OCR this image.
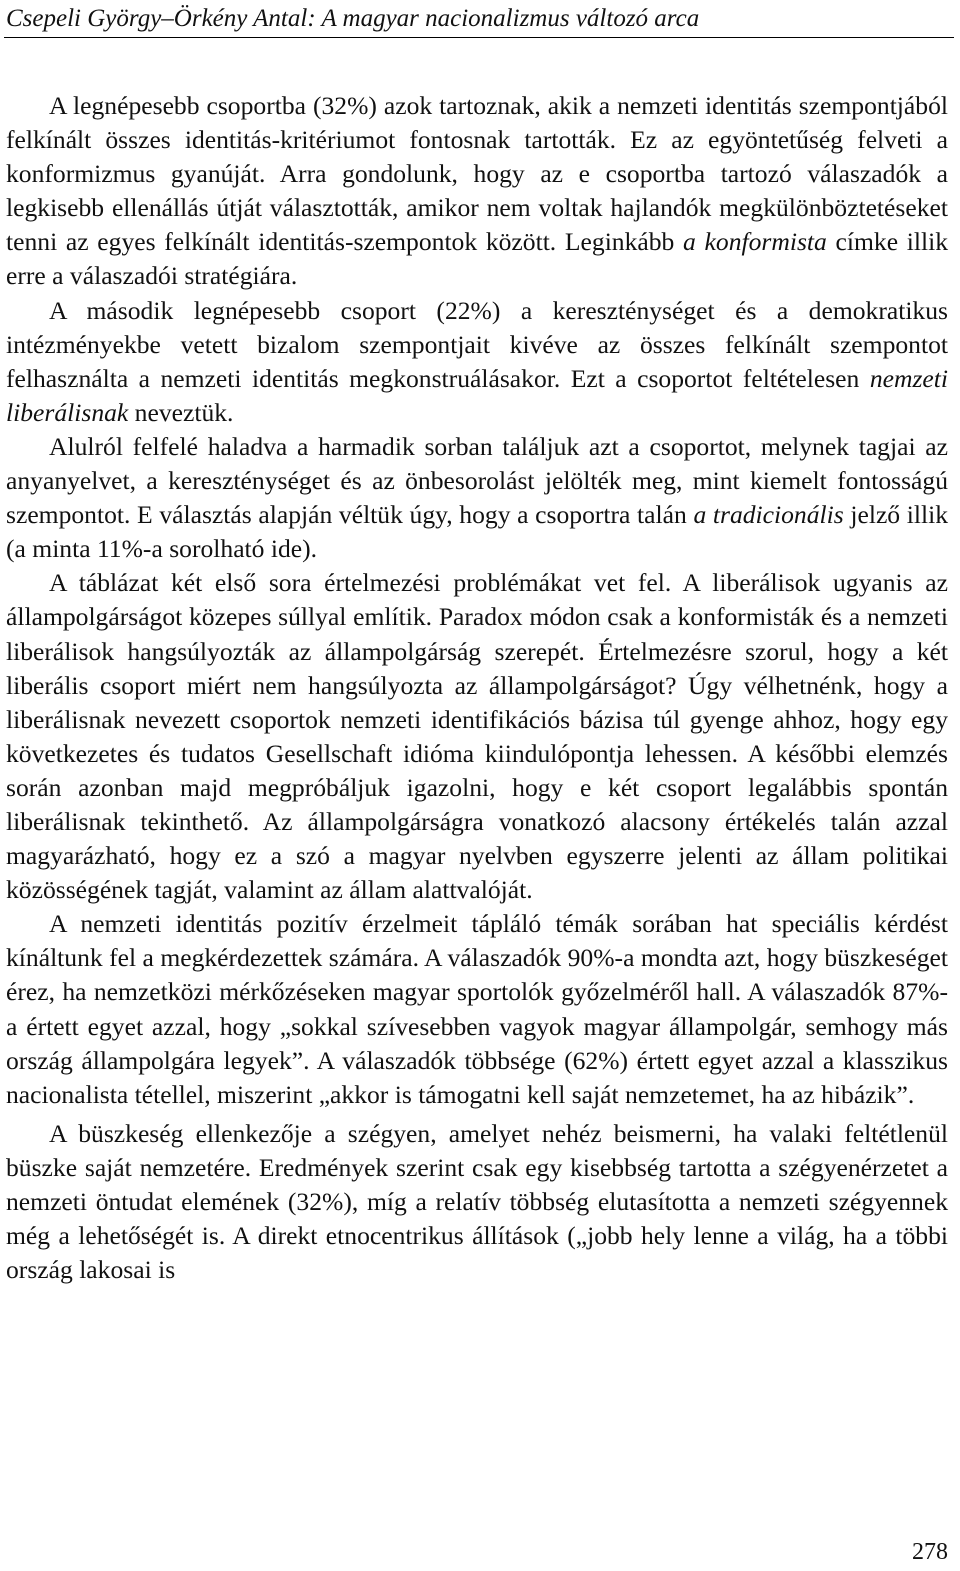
Csepeli György–Örkény Antal: A magyar nacionalizmus változó arca

A legnépesebb csoportba (32%) azok tartoznak, akik a nemzeti identitás szempontjából felkínált összes identitás-kritériumot fontosnak tartották. Ez az egyöntetűség felveti a konformizmus gyanúját. Arra gondolunk, hogy az e csoportba tartozó válaszadók a legkisebb ellenállás útját választották, amikor nem voltak hajlandók megkülönböztetéseket tenni az egyes felkínált identitás-szempontok között. Leginkább a konformista címke illik erre a válaszadói stratégiára.

A második legnépesebb csoport (22%) a kereszténységet és a demokratikus intézményekbe vetett bizalom szempontjait kivéve az összes felkínált szempontot felhasználta a nemzeti identitás megkonstruálásakor. Ezt a csoportot feltételesen nemzeti liberálisnak neveztük.

Alulról felfelé haladva a harmadik sorban találjuk azt a csoportot, melynek tagjai az anyanyelvet, a kereszténységet és az önbesorolást jelölték meg, mint kiemelt fontosságú szempontot. E választás alapján véltük úgy, hogy a csoportra talán a tradicionális jelző illik (a minta 11%-a sorolható ide).

A táblázat két első sora értelmezési problémákat vet fel. A liberálisok ugyanis az állampolgárságot közepes súllyal említik. Paradox módon csak a konformisták és a nemzeti liberálisok hangsúlyozták az állampolgárság szerepét. Értelmezésre szorul, hogy a két liberális csoport miért nem hangsúlyozta az állampolgárságot? Úgy vélhetnénk, hogy a liberálisnak nevezett csoportok nemzeti identifikációs bázisa túl gyenge ahhoz, hogy egy következetes és tudatos Gesellschaft idióma kiindulópontja lehessen. A későbbi elemzés során azonban majd megpróbáljuk igazolni, hogy e két csoport legalábbis spontán liberálisnak tekinthető. Az állampolgárságra vonatkozó alacsony értékelés talán azzal magyarázható, hogy ez a szó a magyar nyelvben egyszerre jelenti az állam politikai közösségének tagját, valamint az állam alattvalóját.

A nemzeti identitás pozitív érzelmeit tápláló témák sorában hat speciális kérdést kínáltunk fel a megkérdezettek számára. A válaszadók 90%-a mondta azt, hogy büszkeséget érez, ha nemzetközi mérkőzéseken magyar sportolók győzelméről hall. A válaszadók 87%-a értett egyet azzal, hogy „sokkal szívesebben vagyok magyar állampolgár, semhogy más ország állampolgára legyek”. A válaszadók többsége (62%) értett egyet azzal a klasszikus nacionalista tétellel, miszerint „akkor is támogatni kell saját nemzetemet, ha az hibázik”.

A büszkeség ellenkezője a szégyen, amelyet nehéz beismerni, ha valaki feltétlenül büszke saját nemzetére. Eredmények szerint csak egy kisebbség tartotta a szégyenérzetet a nemzeti öntudat elemének (32%), míg a relatív többség elutasította a nemzeti szégyennek még a lehetőségét is. A direkt etnocentrikus állítások („jobb hely lenne a világ, ha a többi ország lakosai is

278
